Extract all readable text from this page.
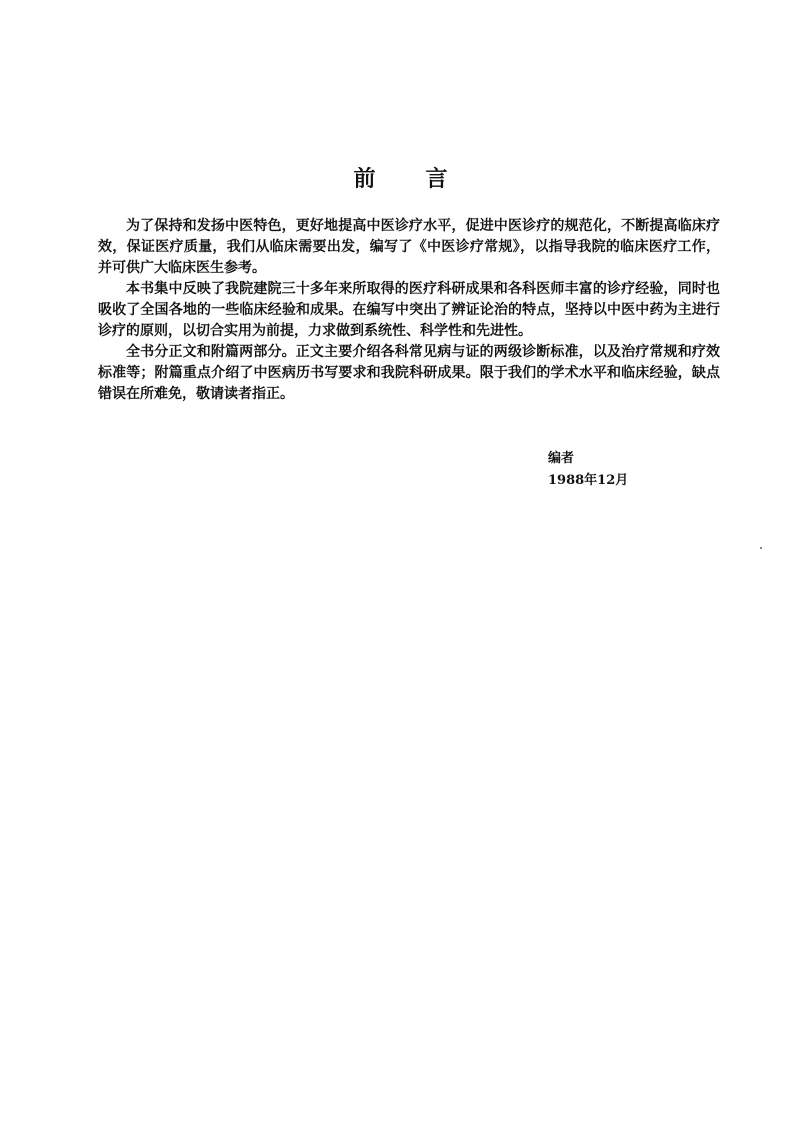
前 言

为了保持和发扬中医特色，更好地提高中医诊疗水平，促进中医诊疗的规范化，不断提高临床疗效，保证医疗质量，我们从临床需要出发，编写了《中医诊疗常规》，以指导我院的临床医疗工作，并可供广大临床医生参考。

本书集中反映了我院建院三十多年来所取得的医疗科研成果和各科医师丰富的诊疗经验，同时也吸收了全国各地的一些临床经验和成果。在编写中突出了辨证论治的特点，坚持以中医中药为主进行诊疗的原则，以切合实用为前提，力求做到系统性、科学性和先进性。

全书分正文和附篇两部分。正文主要介绍各科常见病与证的两级诊断标准，以及治疗常规和疗效标准等；附篇重点介绍了中医病历书写要求和我院科研成果。限于我们的学术水平和临床经验，缺点错误在所难免，敬请读者指正。

编者
1988年12月
